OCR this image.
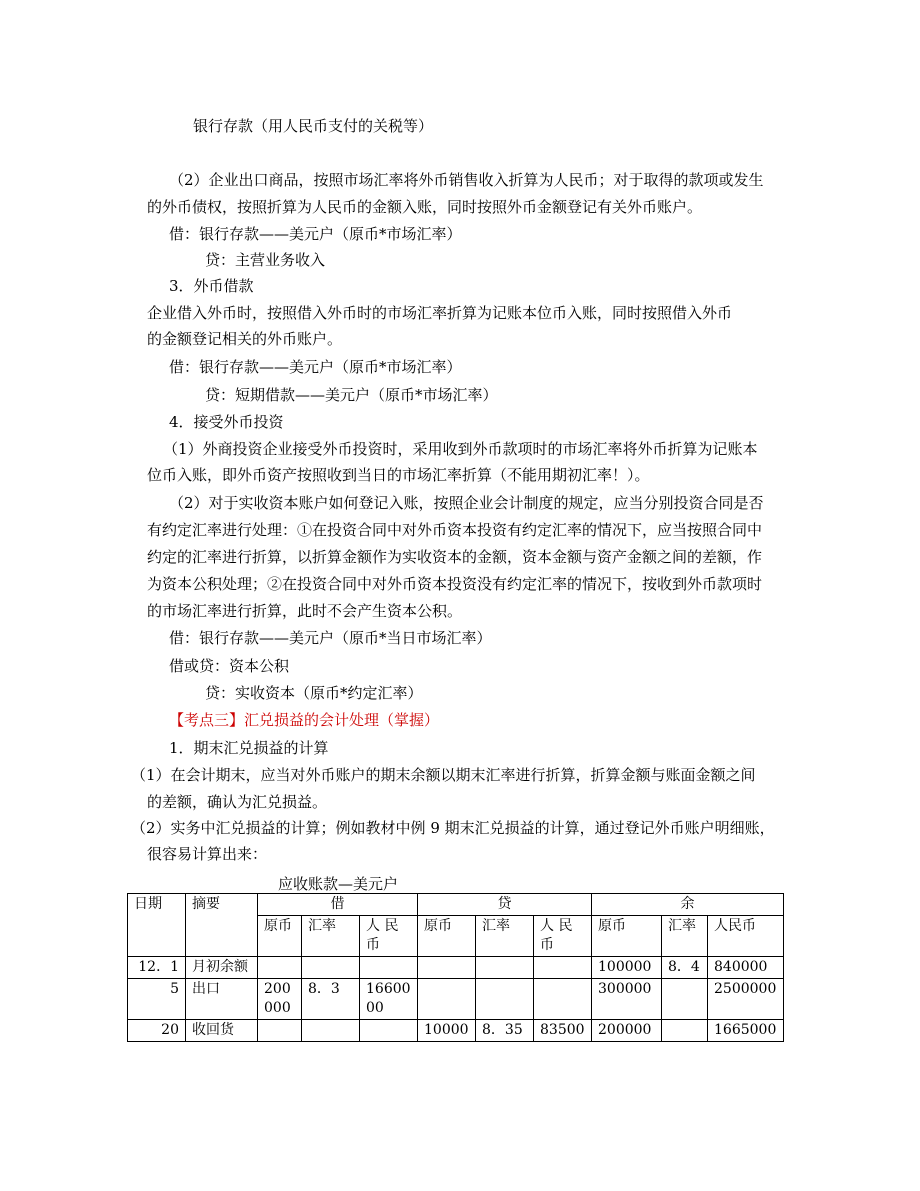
银行存款（用人民币支付的关税等）
（2）企业出口商品，按照市场汇率将外币销售收入折算为人民币；对于取得的款项或发生
的外币债权，按照折算为人民币的金额入账，同时按照外币金额登记有关外币账户。
借：银行存款——美元户（原币*市场汇率）
贷：主营业务收入
3．外币借款
企业借入外币时，按照借入外币时的市场汇率折算为记账本位币入账，同时按照借入外币
的金额登记相关的外币账户。
借：银行存款——美元户（原币*市场汇率）
贷：短期借款——美元户（原币*市场汇率）
4．接受外币投资
（1）外商投资企业接受外币投资时，采用收到外币款项时的市场汇率将外币折算为记账本
位币入账，即外币资产按照收到当日的市场汇率折算（不能用期初汇率！）。
（2）对于实收资本账户如何登记入账，按照企业会计制度的规定，应当分别投资合同是否
有约定汇率进行处理：①在投资合同中对外币资本投资有约定汇率的情况下，应当按照合同中
约定的汇率进行折算，以折算金额作为实收资本的金额，资本金额与资产金额之间的差额，作
为资本公积处理；②在投资合同中对外币资本投资没有约定汇率的情况下，按收到外币款项时
的市场汇率进行折算，此时不会产生资本公积。
借：银行存款——美元户（原币*当日市场汇率）
借或贷：资本公积
贷：实收资本（原币*约定汇率）
【考点三】汇兑损益的会计处理（掌握）
1．期末汇兑损益的计算
（1）在会计期末，应当对外币账户的期末余额以期末汇率进行折算，折算金额与账面金额之间
的差额，确认为汇兑损益。
（2）实务中汇兑损益的计算；例如教材中例 9 期末汇兑损益的计算，通过登记外币账户明细账，
很容易计算出来：
应收账款—美元户
日期	摘要	借			贷			余		
		原币	汇率	人 民 币	原币	汇率	人 民 币	原币	汇率	人民币
12．1	月初余额							100000	8．4	840000
5	出口	200000	8．3	1660000				300000		2500000
20	收回货				10000	8．35	83500	200000		1665000
